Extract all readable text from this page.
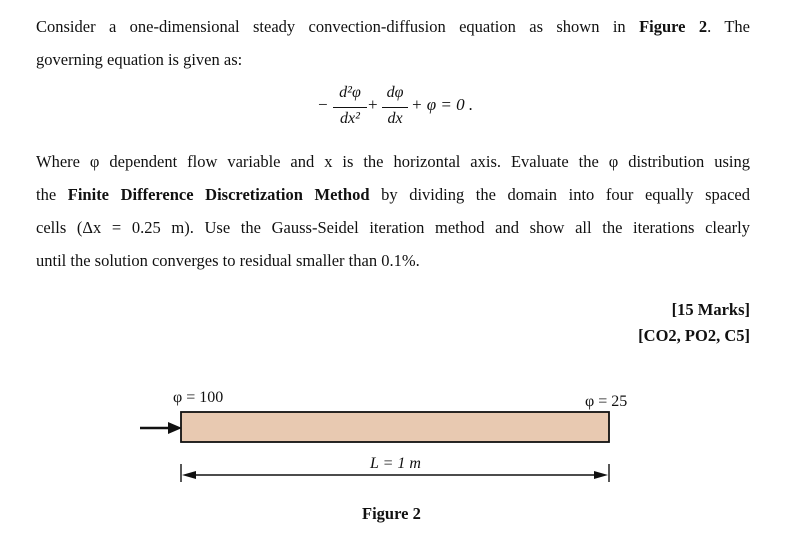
Consider a one-dimensional steady convection-diffusion equation as shown in Figure 2. The
governing equation is given as:
−
d²φ
dx²
+
dφ
dx
+ φ = 0 .
Where φ dependent flow variable and x is the horizontal axis. Evaluate the φ distribution using
the Finite Difference Discretization Method by dividing the domain into four equally spaced
cells (Δx = 0.25 m). Use the Gauss-Seidel iteration method and show all the iterations clearly
until the solution converges to residual smaller than 0.1%.
[15 Marks]
[CO2, PO2, C5]
φ = 100	φ = 25
L = 1 m
Figure 2
